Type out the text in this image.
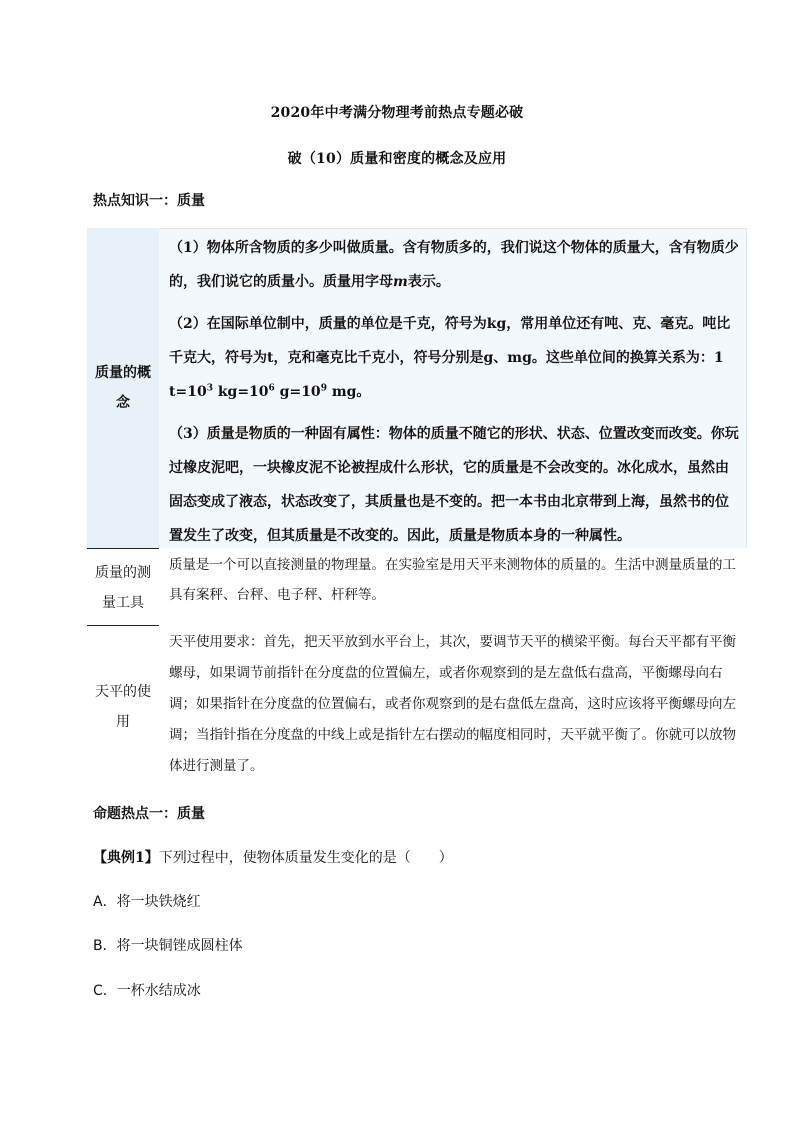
2020年中考满分物理考前热点专题必破
破（10）质量和密度的概念及应用
热点知识一：质量
质量的概念

（1）物体所含物质的多少叫做质量。含有物质多的，我们说这个物体的质量大，含有物质少的，我们说它的质量小。质量用字母m表示。

（2）在国际单位制中，质量的单位是千克，符号为kg，常用单位还有吨、克、毫克。吨比千克大，符号为t，克和毫克比千克小，符号分别是g、mg。这些单位间的换算关系为：1 $t=10^3$ $kg=10^6$ $g=10^9$ mg。

（3）质量是物质的一种固有属性：物体的质量不随它的形状、状态、位置改变而改变。你玩过橡皮泥吧，一块橡皮泥不论被捏成什么形状，它的质量是不会改变的。冰化成水，虽然由固态变成了液态，状态改变了，其质量也是不变的。把一本书由北京带到上海，虽然书的位置发生了改变，但其质量是不改变的。因此，质量是物质本身的一种属性。

质量的测量工具
质量是一个可以直接测量的物理量。在实验室是用天平来测物体的质量的。生活中测量质量的工具有案秤、台秤、电子秤、杆秤等。
天平的使用
天平使用要求：首先，把天平放到水平台上，其次，要调节天平的横梁平衡。每台天平都有平衡螺母，如果调节前指针在分度盘的位置偏左，或者你观察到的是左盘低右盘高，平衡螺母向右调；如果指针在分度盘的位置偏右，或者你观察到的是右盘低左盘高，这时应该将平衡螺母向左调；当指针指在分度盘的中线上或是指针左右摆动的幅度相同时，天平就平衡了。你就可以放物体进行测量了。
命题热点一：质量
【典例1】下列过程中，使物体质量发生变化的是（　　）
A．将一块铁烧红
B．将一块铜锉成圆柱体
C．一杯水结成冰
